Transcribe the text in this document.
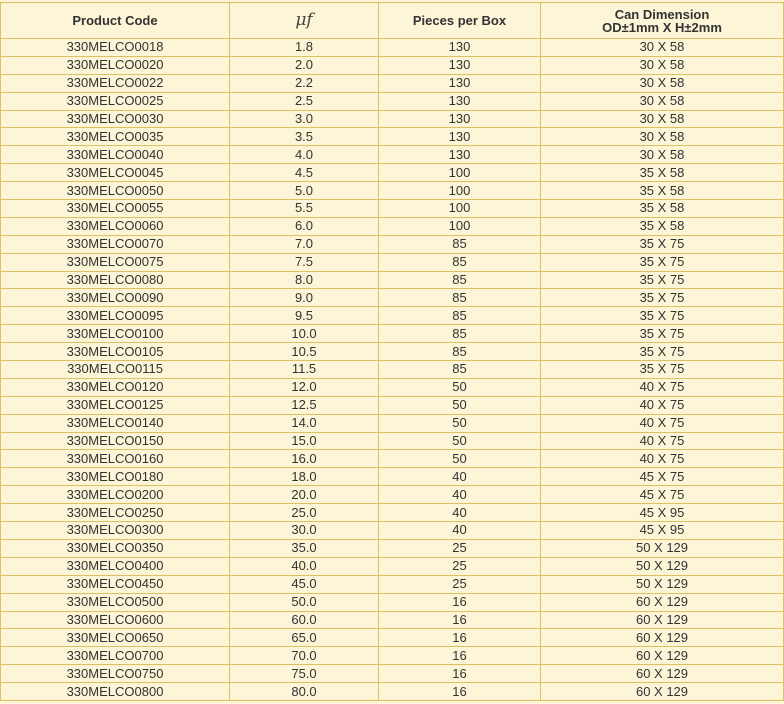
Product Code	μf	Pieces per Box	Can Dimension
OD±1mm X H±2mm

330MELCO0018	1.8	130	30 X 58
330MELCO0020	2.0	130	30 X 58
330MELCO0022	2.2	130	30 X 58
330MELCO0025	2.5	130	30 X 58
330MELCO0030	3.0	130	30 X 58
330MELCO0035	3.5	130	30 X 58
330MELCO0040	4.0	130	30 X 58
330MELCO0045	4.5	100	35 X 58
330MELCO0050	5.0	100	35 X 58
330MELCO0055	5.5	100	35 X 58
330MELCO0060	6.0	100	35 X 58
330MELCO0070	7.0	85	35 X 75
330MELCO0075	7.5	85	35 X 75
330MELCO0080	8.0	85	35 X 75
330MELCO0090	9.0	85	35 X 75
330MELCO0095	9.5	85	35 X 75
330MELCO0100	10.0	85	35 X 75
330MELCO0105	10.5	85	35 X 75
330MELCO0115	11.5	85	35 X 75
330MELCO0120	12.0	50	40 X 75
330MELCO0125	12.5	50	40 X 75
330MELCO0140	14.0	50	40 X 75
330MELCO0150	15.0	50	40 X 75
330MELCO0160	16.0	50	40 X 75
330MELCO0180	18.0	40	45 X 75
330MELCO0200	20.0	40	45 X 75
330MELCO0250	25.0	40	45 X 95
330MELCO0300	30.0	40	45 X 95
330MELCO0350	35.0	25	50 X 129
330MELCO0400	40.0	25	50 X 129
330MELCO0450	45.0	25	50 X 129
330MELCO0500	50.0	16	60 X 129
330MELCO0600	60.0	16	60 X 129
330MELCO0650	65.0	16	60 X 129
330MELCO0700	70.0	16	60 X 129
330MELCO0750	75.0	16	60 X 129
330MELCO0800	80.0	16	60 X 129
